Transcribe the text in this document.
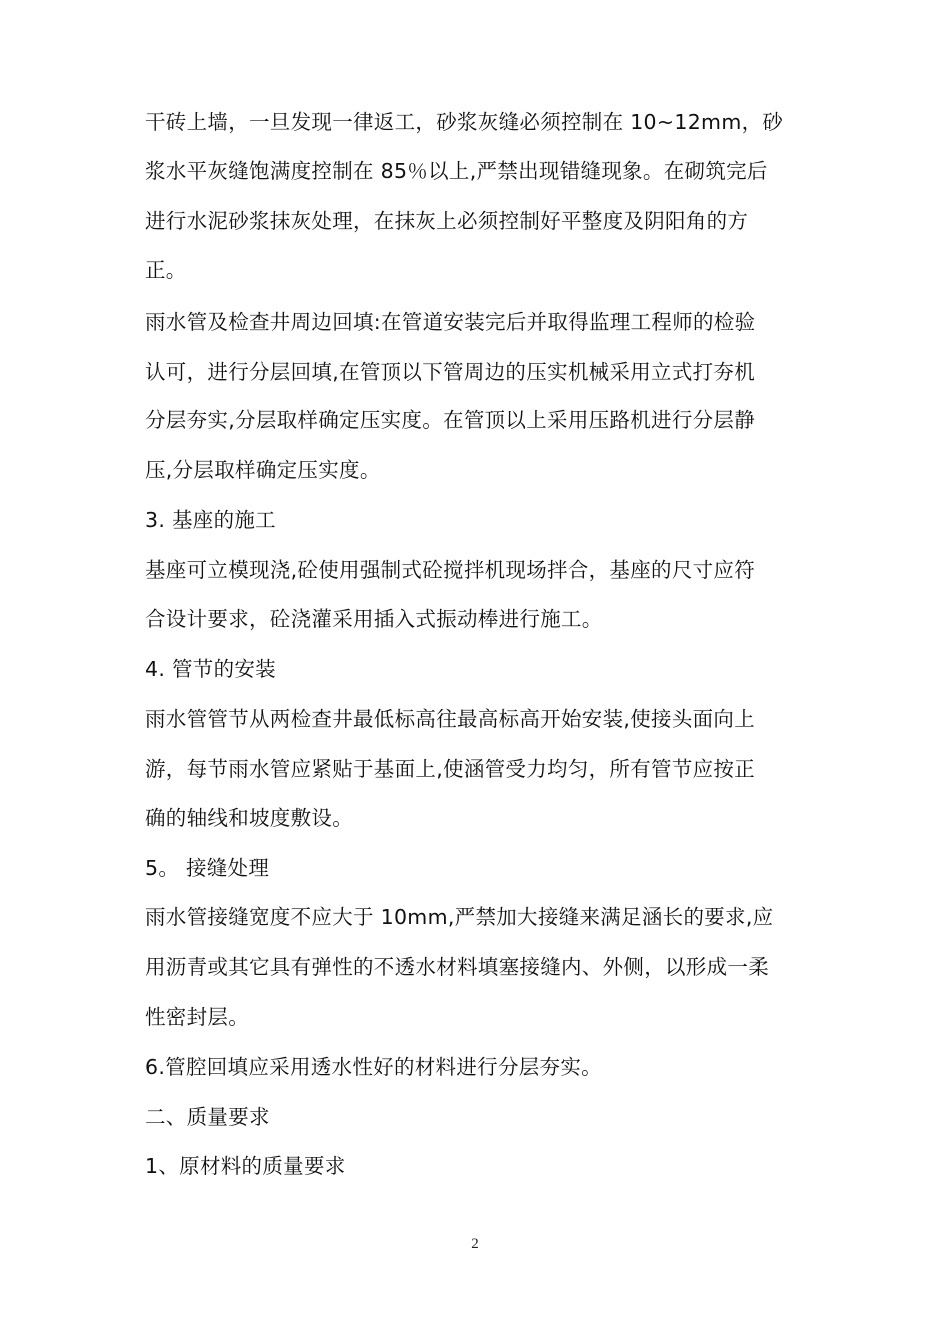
干砖上墙，一旦发现一律返工，砂浆灰缝必须控制在 10~12mm，砂
浆水平灰缝饱满度控制在 85％以上,严禁出现错缝现象。在砌筑完后
进行水泥砂浆抹灰处理，在抹灰上必须控制好平整度及阴阳角的方
正。
雨水管及检查井周边回填:在管道安装完后并取得监理工程师的检验
认可，进行分层回填,在管顶以下管周边的压实机械采用立式打夯机
分层夯实,分层取样确定压实度。在管顶以上采用压路机进行分层静
压,分层取样确定压实度。
3. 基座的施工
基座可立模现浇,砼使用强制式砼搅拌机现场拌合，基座的尺寸应符
合设计要求，砼浇灌采用插入式振动棒进行施工。
4. 管节的安装
雨水管管节从两检查井最低标高往最高标高开始安装,使接头面向上
游，每节雨水管应紧贴于基面上,使涵管受力均匀，所有管节应按正
确的轴线和坡度敷设。
5。 接缝处理
雨水管接缝宽度不应大于 10mm,严禁加大接缝来满足涵长的要求,应
用沥青或其它具有弹性的不透水材料填塞接缝内、外侧，以形成一柔
性密封层。
6.管腔回填应采用透水性好的材料进行分层夯实。
二、质量要求
1、原材料的质量要求
2
